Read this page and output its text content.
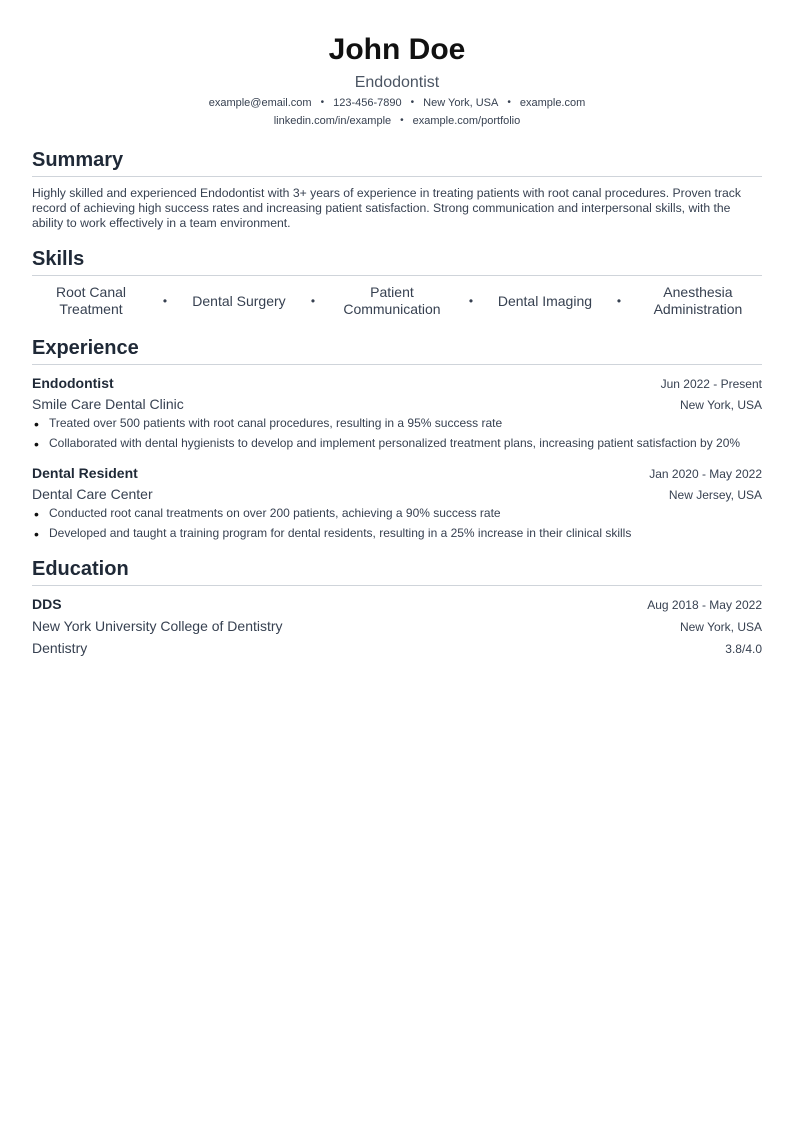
John Doe
Endodontist
example@email.com • 123-456-7890 • New York, USA • example.com
linkedin.com/in/example • example.com/portfolio
Summary

Highly skilled and experienced Endodontist with 3+ years of experience in treating patients with root canal procedures. Proven track record of achieving high success rates and increasing patient satisfaction. Strong communication and interpersonal skills, with the ability to work effectively in a team environment.

Skills
Root Canal Treatment	•	Dental Surgery	•
Patient Communication	•	Dental Imaging	•
Anesthesia Administration
Experience
Endodontist	Jun 2022 - Present
Smile Care Dental Clinic	New York, USA
• Treated over 500 patients with root canal procedures, resulting in a 95% success rate
• Collaborated with dental hygienists to develop and implement personalized treatment plans, increasing patient satisfaction by 20%
Dental Resident	Jan 2020 - May 2022
Dental Care Center	New Jersey, USA
• Conducted root canal treatments on over 200 patients, achieving a 90% success rate
• Developed and taught a training program for dental residents, resulting in a 25% increase in their clinical skills
Education
DDS	Aug 2018 - May 2022
New York University College of Dentistry	New York, USA
Dentistry	3.8/4.0
